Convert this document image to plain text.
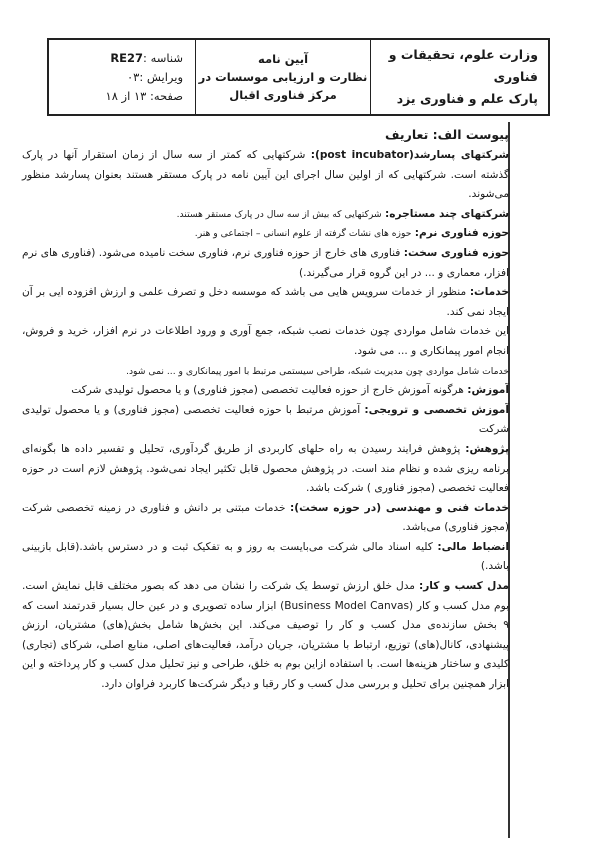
وزارت علوم، تحقیقات و فناوری
پارک علم و فناوری یزد
آیین نامه
نظارت و ارزیابی موسسات در
مرکز فناوری اقبال
شناسه :RE27
ویرایش :۰۳
صفحه: ۱۳ از ۱۸

پیوست الف: تعاریف

شرکتهای پسارشد(post incubator): شرکتهایی که کمتر از سه سال از زمان استقرار آنها در پارک گذشته است. شرکتهایی که از اولین سال اجرای این آیین نامه در پارک مستقر هستند بعنوان پسارشد منظور می‌شوند.

شرکتهای چند مستاجره: شرکتهایی که بیش از سه سال در پارک مستقر هستند.

حوزه فناوری نرم: حوزه های نشات گرفته از علوم انسانی – اجتماعی و هنر.

حوزه فناوری سخت: فناوری های خارج از حوزه فناوری نرم، فناوری سخت نامیده می‌شود. (فناوری های نرم افزار، معماری و ... در این گروه قرار می‌گیرند.)

خدمات: منظور از خدمات سرویس هایی می باشد که موسسه دخل و تصرف علمی و ارزش افزوده ایی بر آن ایجاد نمی کند.

این خدمات شامل مواردی چون خدمات نصب شبکه، جمع آوری و ورود اطلاعات در نرم افزار، خرید و فروش، انجام امور پیمانکاری و ... می شود.

خدمات شامل مواردی چون مدیریت شبکه، طراحی سیستمی مرتبط با امور پیمانکاری و ... نمی شود.

آموزش: هرگونه آموزش خارج از حوزه فعالیت تخصصی (مجوز فناوری) و یا محصول تولیدی شرکت

آموزش تخصصی و ترویجی: آموزش مرتبط با حوزه فعالیت تخصصی (مجوز فناوری) و یا محصول تولیدی شرکت

پژوهش: پژوهش فرایند رسیدن به راه حلهای کاربردی از طریق گردآوری، تحلیل و تفسیر داده ها بگونه‌ای برنامه ریزی شده و نظام مند است. در پژوهش محصول قابل تکثیر ایجاد نمی‌شود. پژوهش لازم است در حوزه فعالیت تخصصی (مجوز فناوری ) شرکت باشد.

خدمات فنی و مهندسی (در حوزه سخت): خدمات مبتنی بر دانش و فناوری در زمینه تخصصی شرکت (مجوز فناوری) می‌باشد.

انضباط مالی: کلیه اسناد مالی شرکت می‌بایست به روز و به تفکیک ثبت و در دسترس باشد.(قابل بازبینی باشد.)

مدل کسب و کار: مدل خلق ارزش توسط یک شرکت را نشان می دهد که بصور مختلف قابل نمایش است. بوم مدل کسب و کار (Business Model Canvas) ابزار ساده تصویری و در عین حال بسیار قدرتمند است که ۹ بخش سازنده‌ی مدل کسب و کار را توصیف می‌کند. این بخش‌ها شامل بخش(های) مشتریان، ارزش پیشنهادی، کانال(های) توزیع، ارتباط با مشتریان، جریان درآمد، فعالیت‌های اصلی، منابع اصلی، شرکای (تجاری) کلیدی و ساختار هزینه‌ها است. با استفاده ازاین بوم به خلق، طراحی و نیز تحلیل مدل کسب و کار پرداخته و این ابزار همچنین برای تحلیل و بررسی مدل کسب و کار رقبا و دیگر شرکت‌ها کاربرد فراوان دارد.
